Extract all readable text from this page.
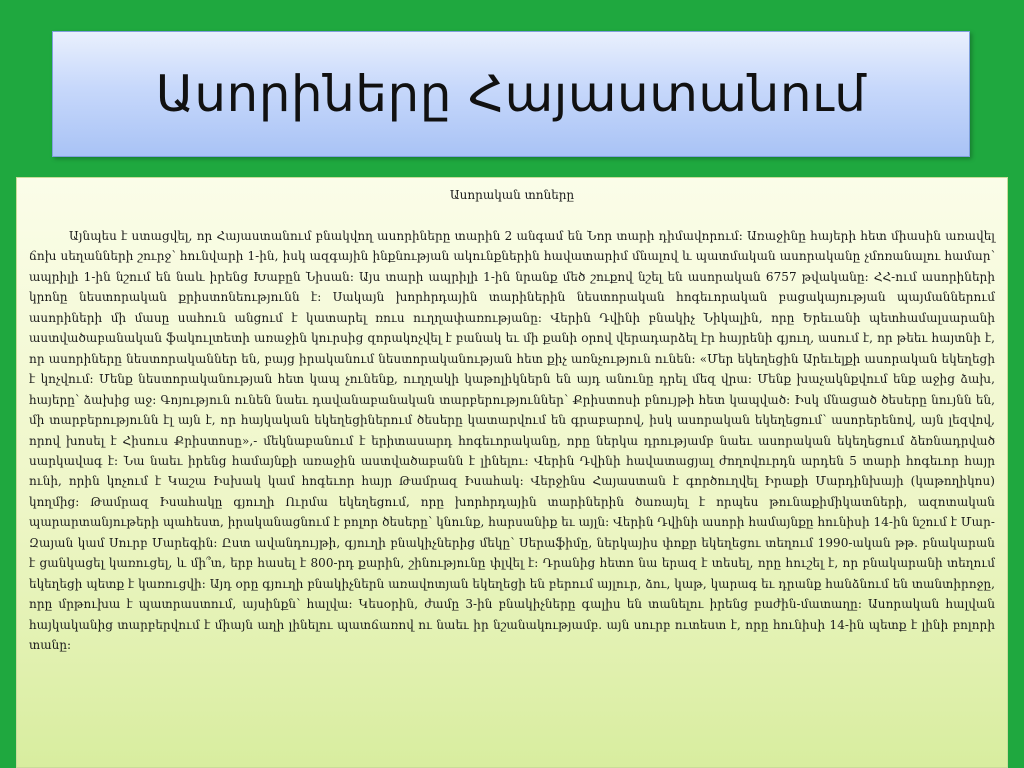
Ասորիները Հայաստանում
Ասորական տոները

Այնպես է ստացվել, որ Հայաստանում բնակվող ասորիները տարին 2 անգամ են Նոր տարի դիմավորում: Առաջինը հայերի հետ միասին առավել ճոխ սեղանների շուրջ՝ հունվարի 1-ին, իսկ ազգային ինքնության ակունքներին հավատարիմ մնալով և պատմական ասորականը չմոռանալու համար՝ ապրիլի 1-ին նշում են նաև իրենց Խաբըն Նիսան: Այս տարի ապրիլի 1-ին նրանք մեծ շուքով նշել են ասորական 6757 թվականը: ՀՀ-ում ասորիների կրոնը նեստորական քրիստոնեությունն է: Սակայն խորհրդային տարիներին նեստորական հոգեւորական բացակայության պայմաններում ասորիների մի մասը սահուն անցում է կատարել ռուս ուղղափառությանը: Վերին Դվինի բնակիչ Նիկալին, որը Երեւանի պետհամալսարանի աստվածաբանական ֆակուլտետի առաջին կուրսից զորակոչվել է բանակ եւ մի քանի օրով վերադարձել էր հայրենի գյուղ, ասում է, որ թեեւ հայտնի է, որ ասորիները նեստորականներ են, բայց իրականում նեստորականության հետ քիչ առնչություն ունեն: «Մեր եկեղեցին Արեւելքի ասորական եկեղեցի է կոչվում: Մենք նեստորականության հետ կապ չունենք, ուղղակի կաթոլիկներն են այդ անունը դրել մեզ վրա: Մենք խաչակնքվում ենք աջից ձախ, հայերը՝ ձախից աջ: Գոյություն ունեն նաեւ դավանաբանական տարբերություններ՝ Քրիստոսի բնույթի հետ կապված: Իսկ մնացած ծեսերը նույնն են, մի տարբերությունն էլ այն է, որ հայկական եկեղեցիներում ծեսերը կատարվում են գրաբարով, իսկ ասորական եկեղեցում՝ ասորերենով, այն լեզվով, որով խոսել է Հիսուս Քրիստոսը»,- մեկնաբանում է երիտասարդ հոգեւորականը, որը ներկա դրությամբ նաեւ ասորական եկեղեցում ձեռնադրված սարկավագ է: Նա նաեւ իրենց համայնքի առաջին աստվածաբանն է լինելու: Վերին Դվինի հավատացյալ ժողովուրդն արդեն 5 տարի հոգեւոր հայր ունի, որին կոչում է Կաշա Իսխակ կամ հոգեւոր հայր Թամրազ Իսահակ: Վերջինս Հայաստան է գործուղվել Իրաքի Մարդինխայի (կաթողիկոս) կողմից: Թամրազ Իսահակը գյուղի Ուրմա եկեղեցում, որը խորհրդային տարիներին ծառայել է որպես թունաքիմիկատների, ազոտական պարարտանյութերի պահեստ, իրականացնում է բոլոր ծեսերը՝ կնունք, հարսանիք եւ այլն: Վերին Դվինի ասորի համայնքը հունիսի 14-ին նշում է Մար-Զայան կամ Սուրբ Մարեգին: Ըստ ավանդույթի, գյուղի բնակիչներից մեկը՝ Սերաֆիմը, ներկայիս փոքր եկեղեցու տեղում 1990-ական թթ. բնակարան է ցանկացել կառուցել, և մի՞տ, երբ հասել է 800-րդ քարին, շինությունը փլվել է: Դրանից հետո նա երազ է տեսել, որը հուշել է, որ բնակարանի տեղում եկեղեցի պետք է կառուցվի: Այդ օրը գյուղի բնակիչներն առավոտյան եկեղեցի են բերում այլուր, ձու, կաթ, կարագ եւ դրանք հանձնում են տանտիրոջը, որը մրթուխա է պատրաստում, այսինքն՝ հալվա: Կեսօրին, ժամը 3-ին բնակիչները գալիս են տանելու իրենց բաժին-մատաղը: Ասորական հալվան հայկականից տարբերվում է միայն աղի լինելու պատճառով ու նաեւ իր նշանակությամբ. այն սուրբ ուտեստ է, որը հունիսի 14-ին պետք է լինի բոլորի տանը:
